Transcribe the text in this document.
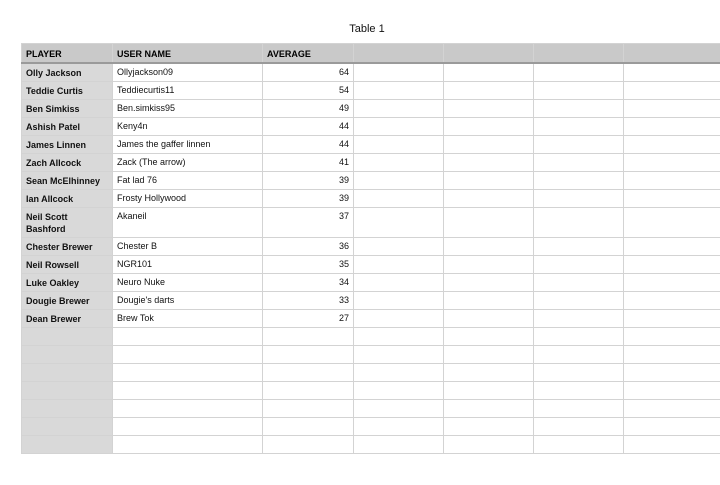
Table 1
PLAYER	USER NAME	AVERAGE				
Olly Jackson	Ollyjackson09	64				
Teddie Curtis	Teddiecurtis11	54				
Ben Simkiss	Ben.simkiss95	49				
Ashish Patel	Keny4n	44				
James Linnen	James the gaffer linnen	44				
Zach Allcock	Zack (The arrow)	41				
Sean McElhinney	Fat lad 76	39				
Ian Allcock	Frosty Hollywood	39				
Neil Scott Bashford	Akaneil	37				
Chester Brewer	Chester B	36				
Neil Rowsell	NGR101	35				
Luke Oakley	Neuro Nuke	34				
Dougie Brewer	Dougie's darts	33				
Dean Brewer	Brew Tok	27				
